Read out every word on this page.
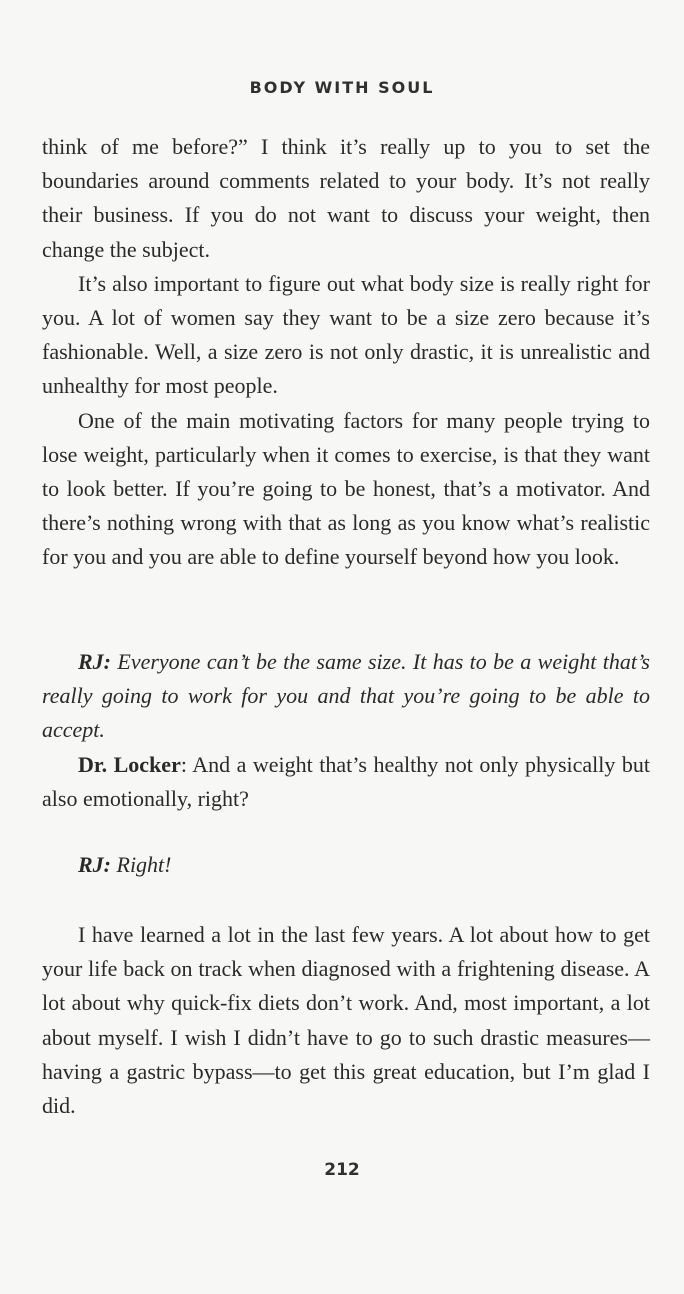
BODY WITH SOUL

think of me before?” I think it’s really up to you to set the boundaries around comments related to your body. It’s not really their business. If you do not want to discuss your weight, then change the subject.

It’s also important to figure out what body size is really right for you. A lot of women say they want to be a size zero because it’s fashionable. Well, a size zero is not only drastic, it is unrealistic and unhealthy for most people.

One of the main motivating factors for many people trying to lose weight, particularly when it comes to exercise, is that they want to look better. If you’re going to be honest, that’s a motivator. And there’s nothing wrong with that as long as you know what’s realistic for you and you are able to define yourself beyond how you look.

RJ: Everyone can’t be the same size. It has to be a weight that’s really going to work for you and that you’re going to be able to accept.

Dr. Locker: And a weight that’s healthy not only physically but also emotionally, right?

RJ: Right!

I have learned a lot in the last few years. A lot about how to get your life back on track when diagnosed with a frightening disease. A lot about why quick-fix diets don’t work. And, most important, a lot about myself. I wish I didn’t have to go to such drastic measures—having a gastric bypass—to get this great education, but I’m glad I did.

212
